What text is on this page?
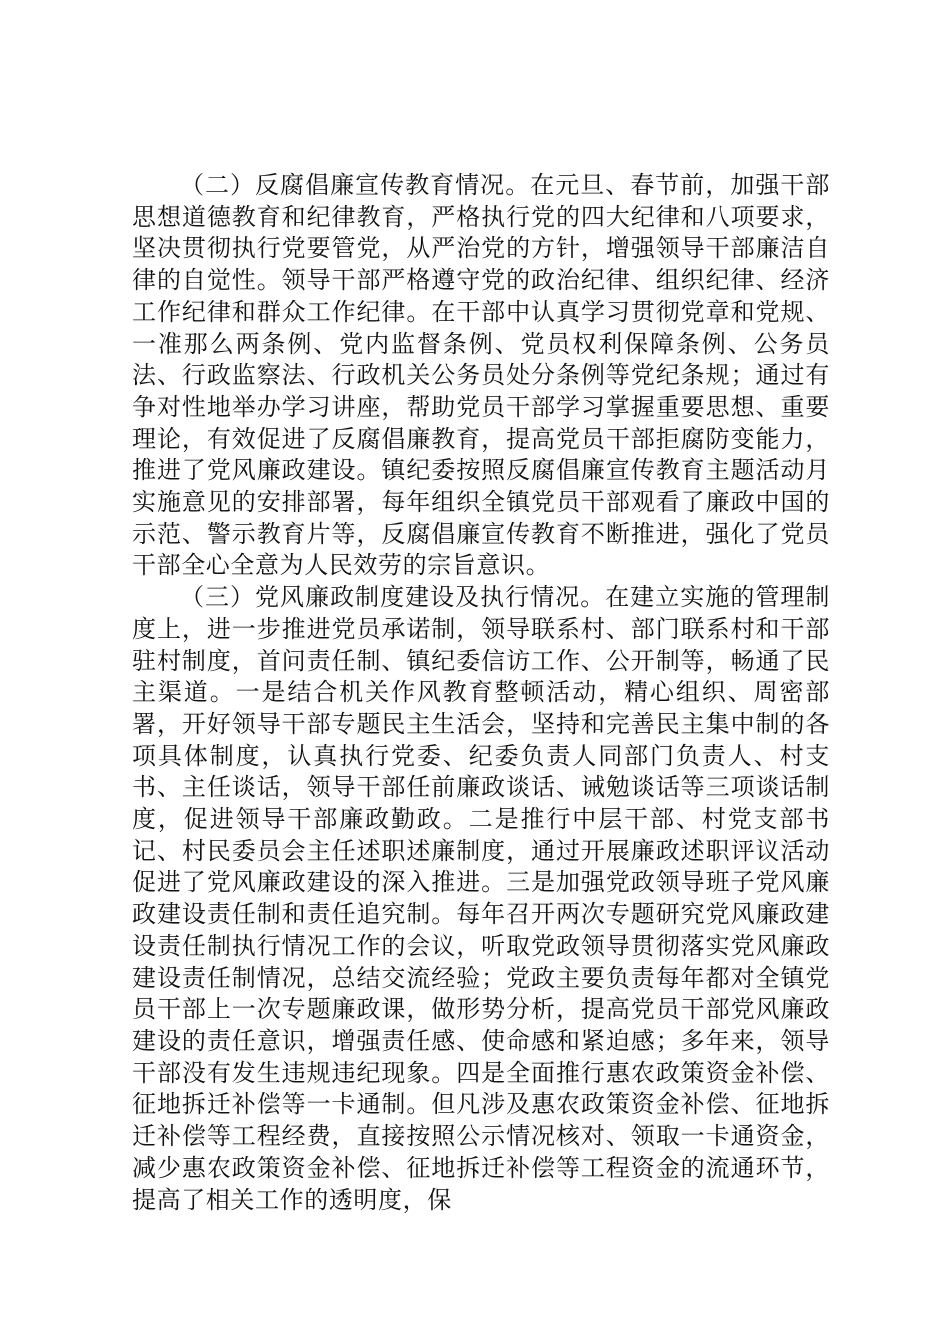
（二）反腐倡廉宣传教育情况。在元旦、春节前，加强干部思想道德教育和纪律教育，严格执行党的四大纪律和八项要求，坚决贯彻执行党要管党，从严治党的方针，增强领导干部廉洁自律的自觉性。领导干部严格遵守党的政治纪律、组织纪律、经济工作纪律和群众工作纪律。在干部中认真学习贯彻党章和党规、一准那么两条例、党内监督条例、党员权利保障条例、公务员法、行政监察法、行政机关公务员处分条例等党纪条规；通过有争对性地举办学习讲座，帮助党员干部学习掌握重要思想、重要理论，有效促进了反腐倡廉教育，提高党员干部拒腐防变能力，推进了党风廉政建设。镇纪委按照反腐倡廉宣传教育主题活动月实施意见的安排部署，每年组织全镇党员干部观看了廉政中国的示范、警示教育片等，反腐倡廉宣传教育不断推进，强化了党员干部全心全意为人民效劳的宗旨意识。

（三）党风廉政制度建设及执行情况。在建立实施的管理制度上，进一步推进党员承诺制，领导联系村、部门联系村和干部驻村制度，首问责任制、镇纪委信访工作、公开制等，畅通了民主渠道。一是结合机关作风教育整顿活动，精心组织、周密部署，开好领导干部专题民主生活会，坚持和完善民主集中制的各项具体制度，认真执行党委、纪委负责人同部门负责人、村支书、主任谈话，领导干部任前廉政谈话、诫勉谈话等三项谈话制度，促进领导干部廉政勤政。二是推行中层干部、村党支部书记、村民委员会主任述职述廉制度，通过开展廉政述职评议活动促进了党风廉政建设的深入推进。三是加强党政领导班子党风廉政建设责任制和责任追究制。每年召开两次专题研究党风廉政建设责任制执行情况工作的会议，听取党政领导贯彻落实党风廉政建设责任制情况，总结交流经验；党政主要负责每年都对全镇党员干部上一次专题廉政课，做形势分析，提高党员干部党风廉政建设的责任意识，增强责任感、使命感和紧迫感；多年来，领导干部没有发生违规违纪现象。四是全面推行惠农政策资金补偿、征地拆迁补偿等一卡通制。但凡涉及惠农政策资金补偿、征地拆迁补偿等工程经费，直接按照公示情况核对、领取一卡通资金，减少惠农政策资金补偿、征地拆迁补偿等工程资金的流通环节，提高了相关工作的透明度，保
